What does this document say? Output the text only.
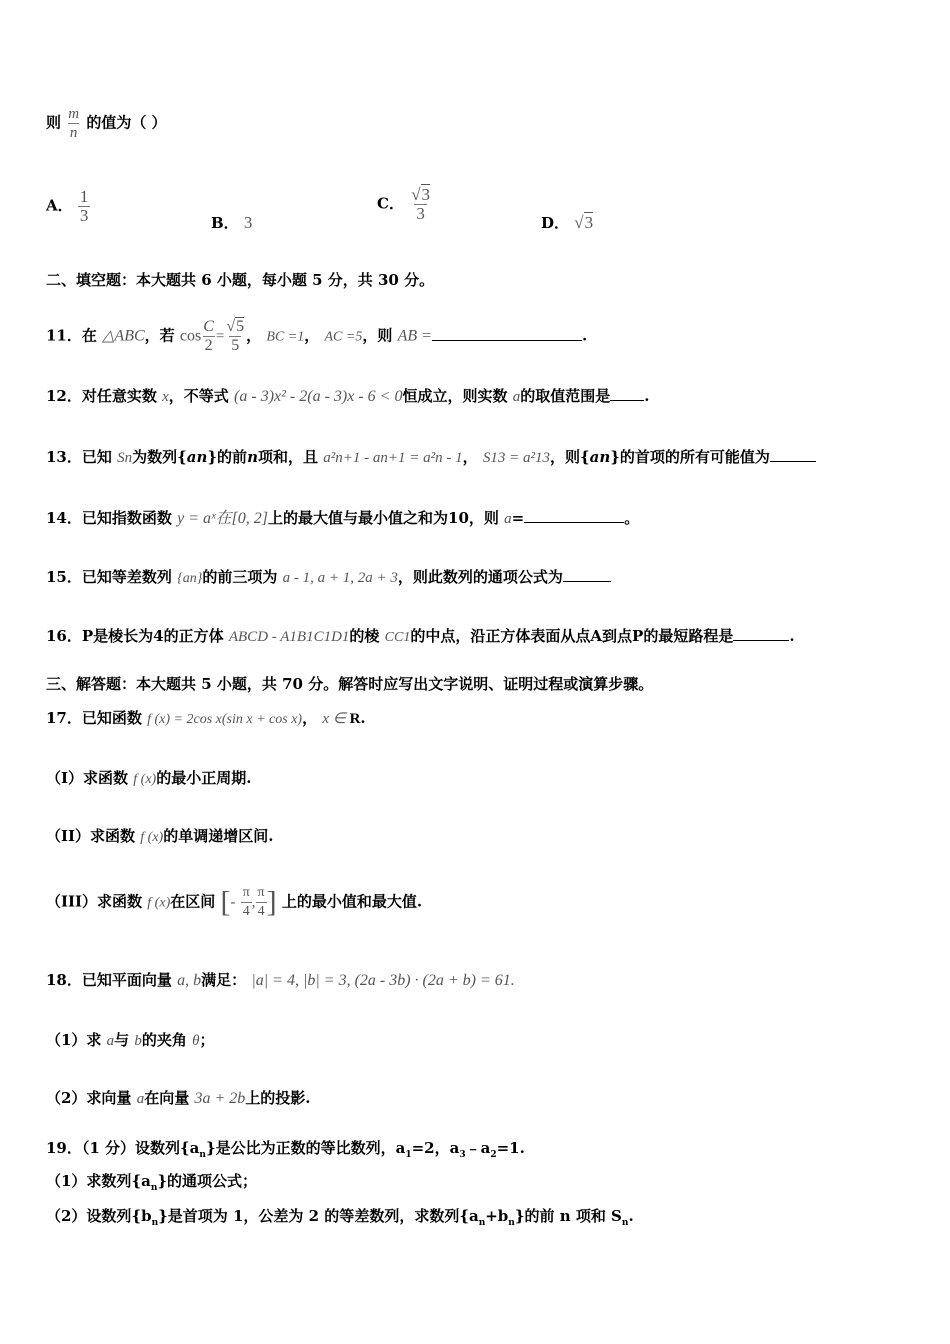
则 $\frac{m}{n}$ 的值为（ ）
A． $\frac{1}{3}$	B． 3
C． $\frac{√3}{3}$	D． √3
二、填空题：本大题共 6 小题，每小题 5 分，共 30 分。
11．在 △ABC，若 $\cos \frac{C}{2} = \frac{√5}{5}$ ， BC =1， AC =5，则 AB =	.
12．对任意实数 x，不等式 (a - 3)x² - 2(a - 3)x - 6 < 0恒成立，则实数 a的取值范围是 .
13．已知 Sn为数列{an}的前n项和，且 a²n+1 - an+1 = a²n - 1， S13 = a²13，则{an}的首项的所有可能值为
14．已知指数函数 y = aˣ在[0, 2]上的最大值与最小值之和为10，则 a=	。
15．已知等差数列 {an}的前三项为 a - 1, a + 1, 2a + 3，则此数列的通项公式为
16．P是棱长为4的正方体 ABCD - A1B1C1D1的棱 CC1的中点，沿正方体表面从点A到点P的最短路程是	.
三、解答题：本大题共 5 小题，共 70 分。解答时应写出文字说明、证明过程或演算步骤。
17．已知函数 f (x) = 2cos x(sin x + cos x)， x ∈ R.
（I）求函数 f (x)的最小正周期.
（II）求函数 f (x)的单调递增区间.
（III）求函数 f (x)在区间 [- $\frac{\pi}{4}$ , $\frac{\pi}{4}$ ] 上的最小值和最大值.
18．已知平面向量 a, b满足： |a| = 4, |b| = 3, (2a - 3b) · (2a + b) = 61.
（1）求 a与 b的夹角 θ；
（2）求向量 a在向量 3a + 2b上的投影.
19．（1 分）设数列$\{a_n\}$是公比为正数的等比数列，$a_1=2$，$a_3﹣a_2=1$.
（1）求数列$\{a_n\}$的通项公式；
（2）设数列$\{b_n\}$是首项为 1，公差为 2 的等差数列，求数列$\{a_n+b_n\}$的前 n 项和 $S_n$.
